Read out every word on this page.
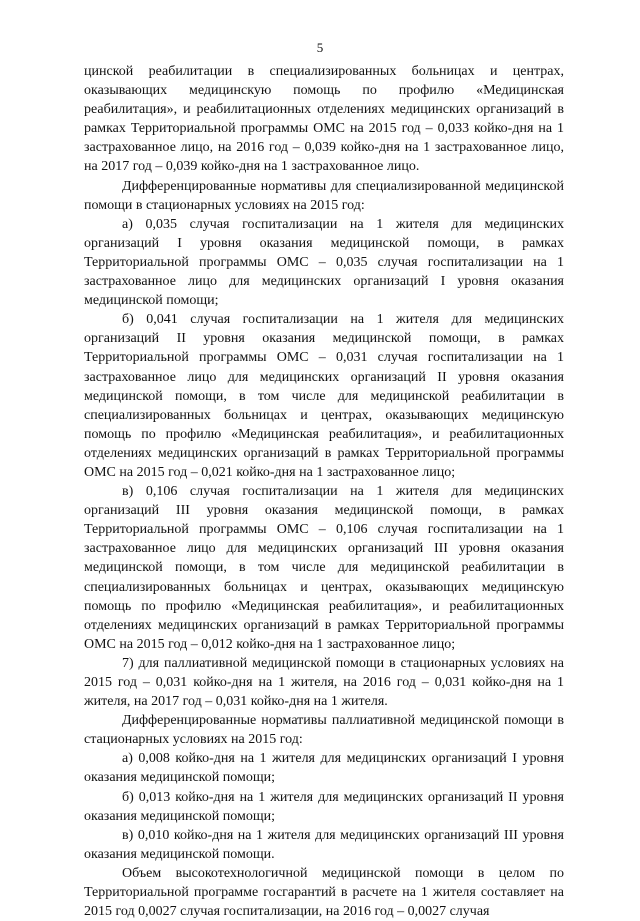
5

цинской реабилитации в специализированных больницах и центрах, оказывающих медицинскую помощь по профилю «Медицинская реабилитация», и реабилитационных отделениях медицинских организаций в рамках Территориальной программы ОМС на 2015 год – 0,033 койко-дня на 1 застрахованное лицо, на 2016 год – 0,039 койко-дня на 1 застрахованное лицо, на 2017 год – 0,039 койко-дня на 1 застрахованное лицо.

Дифференцированные нормативы для специализированной медицинской помощи в стационарных условиях на 2015 год:

а) 0,035 случая госпитализации на 1 жителя для медицинских организаций I уровня оказания медицинской помощи, в рамках Территориальной программы ОМС – 0,035 случая госпитализации на 1 застрахованное лицо для медицинских организаций I уровня оказания медицинской помощи;

б) 0,041 случая госпитализации на 1 жителя для медицинских организаций II уровня оказания медицинской помощи, в рамках Территориальной программы ОМС – 0,031 случая госпитализации на 1 застрахованное лицо для медицинских организаций II уровня оказания медицинской помощи, в том числе для медицинской реабилитации в специализированных больницах и центрах, оказывающих медицинскую помощь по профилю «Медицинская реабилитация», и реабилитационных отделениях медицинских организаций в рамках Территориальной программы ОМС на 2015 год – 0,021 койко-дня на 1 застрахованное лицо;

в) 0,106 случая госпитализации на 1 жителя для медицинских организаций III уровня оказания медицинской помощи, в рамках Территориальной программы ОМС – 0,106 случая госпитализации на 1 застрахованное лицо для медицинских организаций III уровня оказания медицинской помощи, в том числе для медицинской реабилитации в специализированных больницах и центрах, оказывающих медицинскую помощь по профилю «Медицинская реабилитация», и реабилитационных отделениях медицинских организаций в рамках Территориальной программы ОМС на 2015 год – 0,012 койко-дня на 1 застрахованное лицо;

7) для паллиативной медицинской помощи в стационарных условиях на 2015 год – 0,031 койко-дня на 1 жителя, на 2016 год – 0,031 койко-дня на 1 жителя, на 2017 год – 0,031 койко-дня на 1 жителя.

Дифференцированные нормативы паллиативной медицинской помощи в стационарных условиях на 2015 год:

а) 0,008 койко-дня на 1 жителя для медицинских организаций I уровня оказания медицинской помощи;

б) 0,013 койко-дня на 1 жителя для медицинских организаций II уровня оказания медицинской помощи;

в) 0,010 койко-дня на 1 жителя для медицинских организаций III уровня оказания медицинской помощи.

Объем высокотехнологичной медицинской помощи в целом по Территориальной программе госгарантий в расчете на 1 жителя составляет на 2015 год 0,0027 случая госпитализации, на 2016 год – 0,0027 случая
